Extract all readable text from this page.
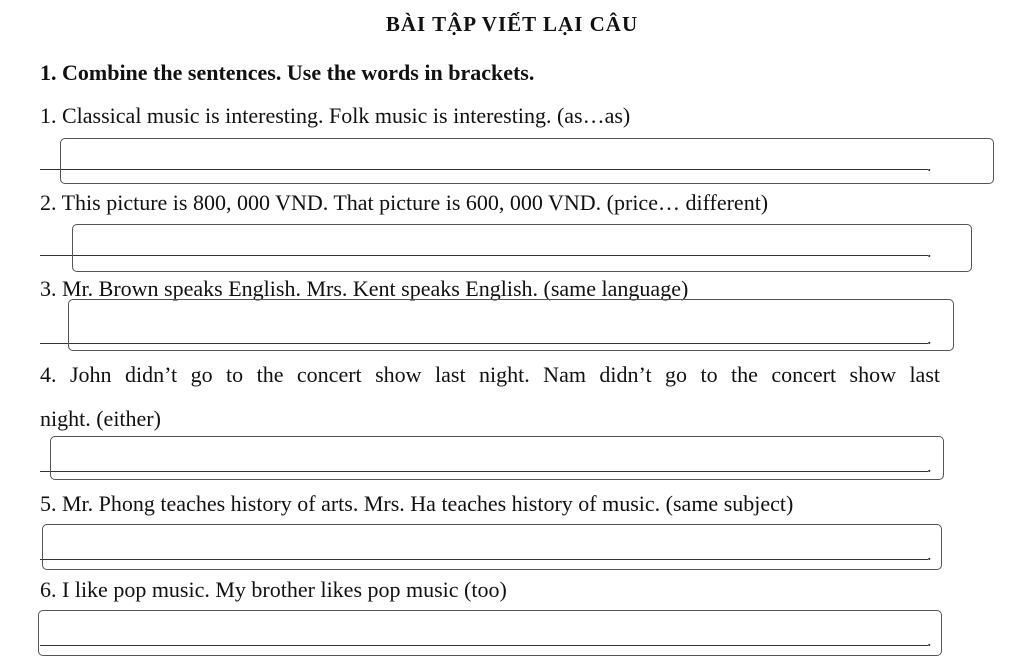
BÀI TẬP VIẾT LẠI CÂU
1. Combine the sentences. Use the words in brackets.
1. Classical music is interesting. Folk music is interesting. (as…as)
.
2. This picture is 800, 000 VND. That picture is 600, 000 VND. (price… different)
.
3. Mr. Brown speaks English. Mrs. Kent speaks English. (same language)
.
4. John didn’t go to the concert show last night. Nam didn’t go to the concert show last
night. (either)
.
5. Mr. Phong teaches history of arts. Mrs. Ha teaches history of music. (same subject)
.
6. I like pop music. My brother likes pop music (too)
.
